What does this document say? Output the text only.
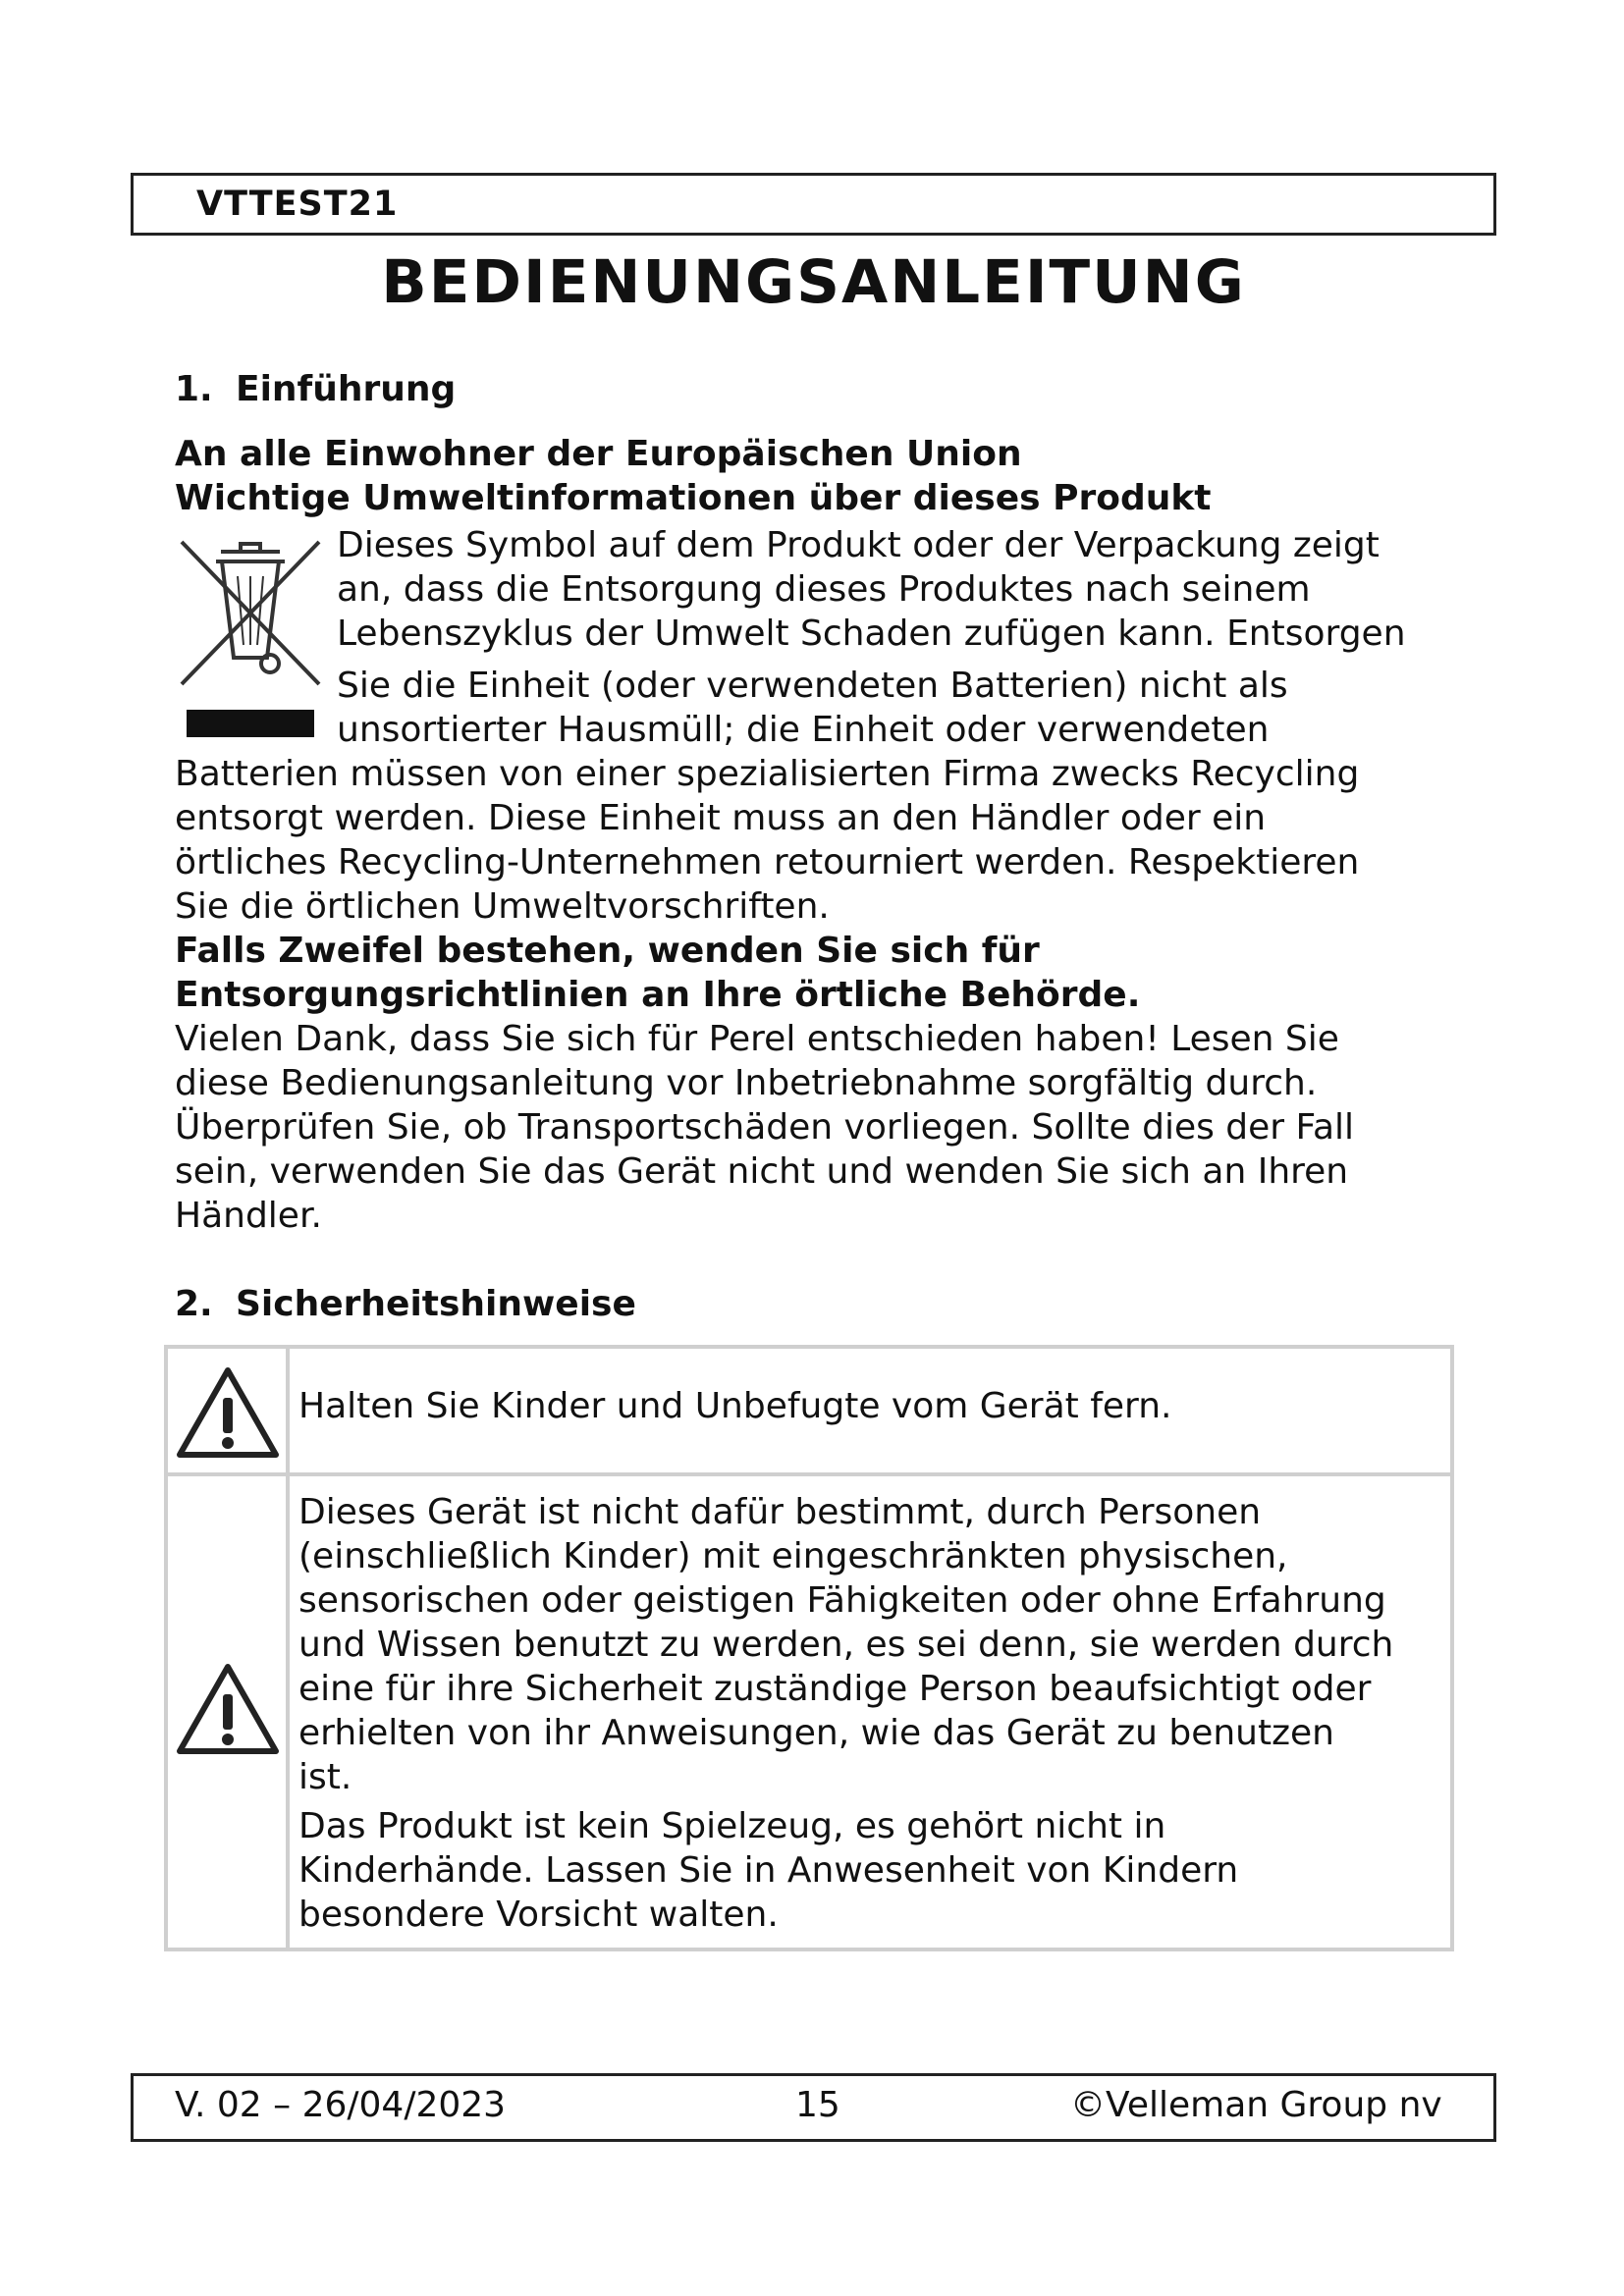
VTTEST21
BEDIENUNGSANLEITUNG
1. Einführung
An alle Einwohner der Europäischen Union
Wichtige Umweltinformationen über dieses Produkt
Dieses Symbol auf dem Produkt oder der Verpackung zeigt
an, dass die Entsorgung dieses Produktes nach seinem
Lebenszyklus der Umwelt Schaden zufügen kann. Entsorgen
Sie die Einheit (oder verwendeten Batterien) nicht als
unsortierter Hausmüll; die Einheit oder verwendeten
Batterien müssen von einer spezialisierten Firma zwecks Recycling
entsorgt werden. Diese Einheit muss an den Händler oder ein
örtliches Recycling-Unternehmen retourniert werden. Respektieren
Sie die örtlichen Umweltvorschriften.
Falls Zweifel bestehen, wenden Sie sich für
Entsorgungsrichtlinien an Ihre örtliche Behörde.
Vielen Dank, dass Sie sich für Perel entschieden haben! Lesen Sie
diese Bedienungsanleitung vor Inbetriebnahme sorgfältig durch.
Überprüfen Sie, ob Transportschäden vorliegen. Sollte dies der Fall
sein, verwenden Sie das Gerät nicht und wenden Sie sich an Ihren
Händler.
2. Sicherheitshinweise
Halten Sie Kinder und Unbefugte vom Gerät fern.
Dieses Gerät ist nicht dafür bestimmt, durch Personen
(einschließlich Kinder) mit eingeschränkten physischen,
sensorischen oder geistigen Fähigkeiten oder ohne Erfahrung
und Wissen benutzt zu werden, es sei denn, sie werden durch
eine für ihre Sicherheit zuständige Person beaufsichtigt oder
erhielten von ihr Anweisungen, wie das Gerät zu benutzen
ist.
Das Produkt ist kein Spielzeug, es gehört nicht in
Kinderhände. Lassen Sie in Anwesenheit von Kindern
besondere Vorsicht walten.
V. 02 – 26/04/2023	15	©Velleman Group nv
